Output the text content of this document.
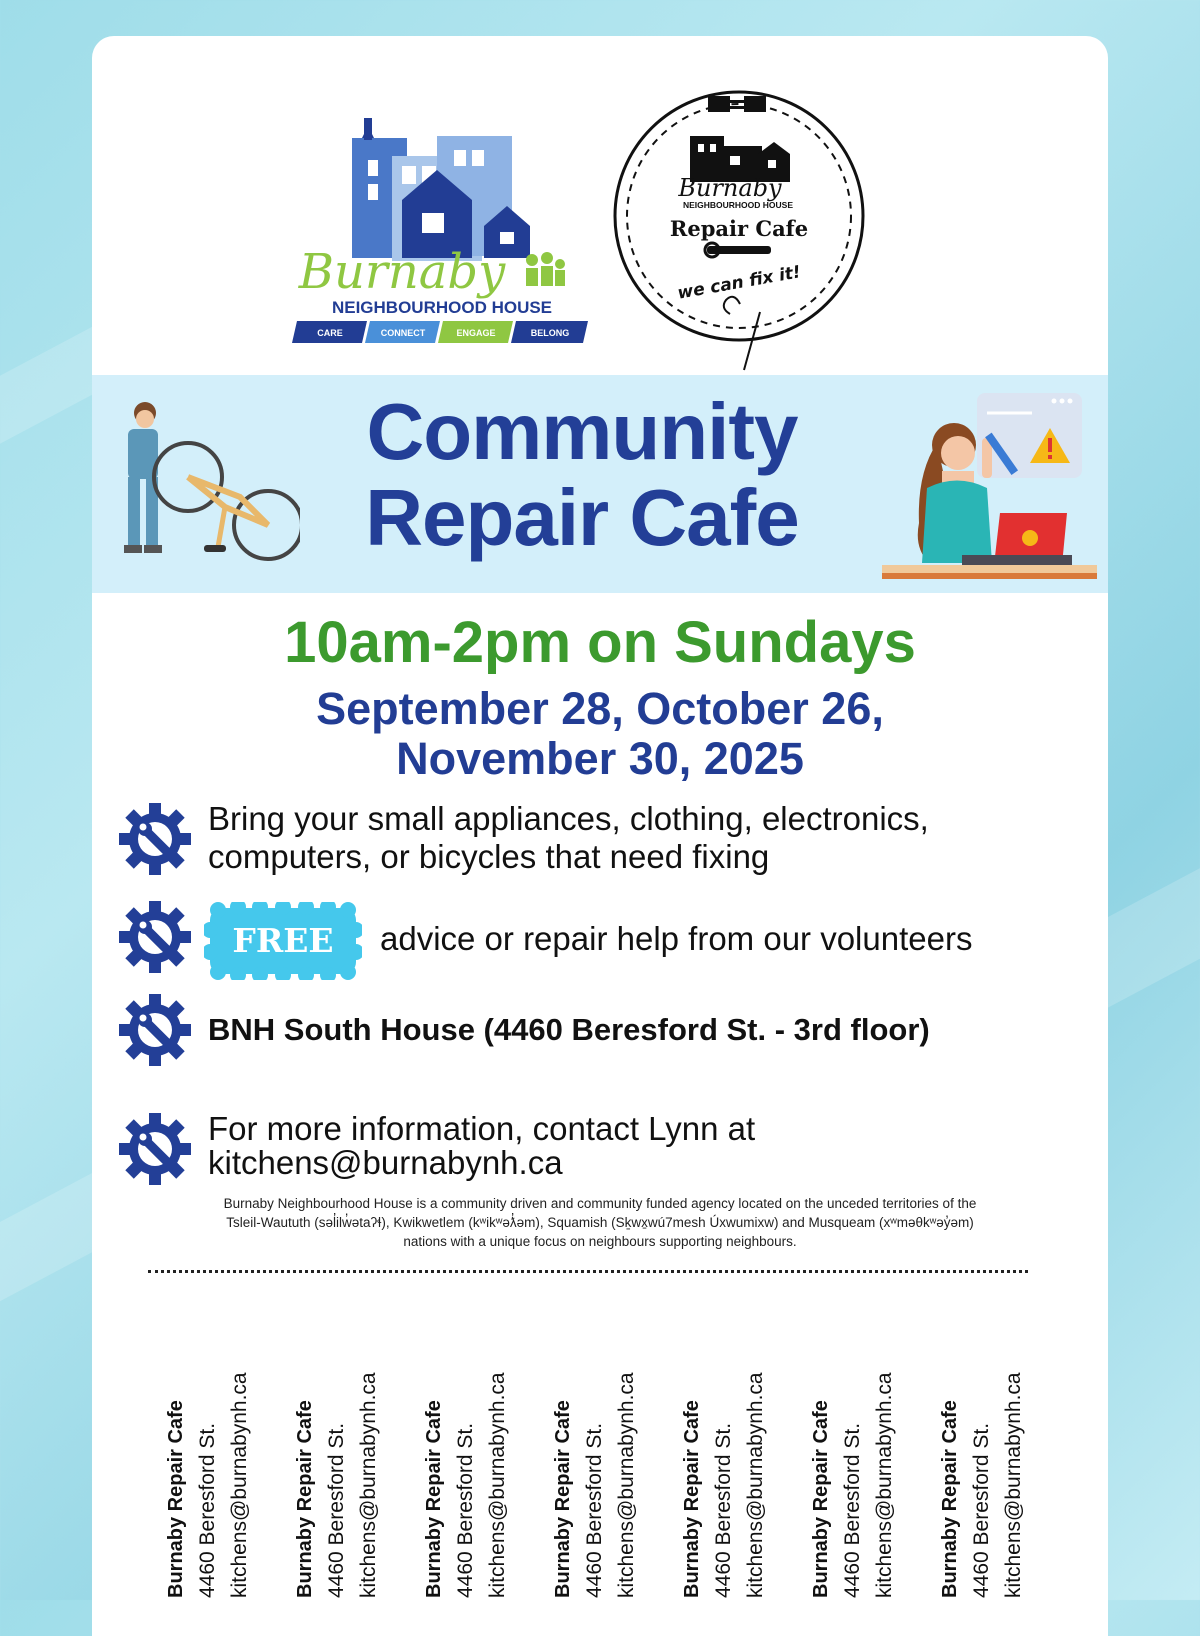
Burnaby
NEIGHBOURHOOD HOUSE
CARE	CONNECT	ENGAGE	BELONG
Burnaby
NEIGHBOURHOOD HOUSE
Repair Cafe
we can fix it!
Community
Repair Cafe
10am-2pm on Sundays
September 28, October 26,
November 30, 2025
Bring your small appliances, clothing, electronics,
computers, or bicycles that need fixing
FREE	advice or repair help from our volunteers
BNH South House (4460 Beresford St. - 3rd floor)
For more information, contact Lynn at
kitchens@burnabynh.ca
Burnaby Neighbourhood House is a community driven and community funded agency located on the unceded territories of the
Tsleil-Waututh (səl̓ilw̓ətaʔɬ), Kwikwetlem (kʷikʷəƛ̓əm), Squamish (Sḵwx̱wú7mesh Úxwumixw) and Musqueam (xʷməθkʷəy̓əm)
nations with a unique focus on neighbours supporting neighbours.
Burnaby Repair Cafe 4460 Beresford St. kitchens@burnabynh.ca Burnaby Repair Cafe 4460 Beresford St. kitchens@burnabynh.ca Burnaby Repair Cafe 4460 Beresford St. kitchens@burnabynh.ca Burnaby Repair Cafe 4460 Beresford St. kitchens@burnabynh.ca Burnaby Repair Cafe 4460 Beresford St. kitchens@burnabynh.ca Burnaby Repair Cafe 4460 Beresford St. kitchens@burnabynh.ca Burnaby Repair Cafe 4460 Beresford St. kitchens@burnabynh.ca
